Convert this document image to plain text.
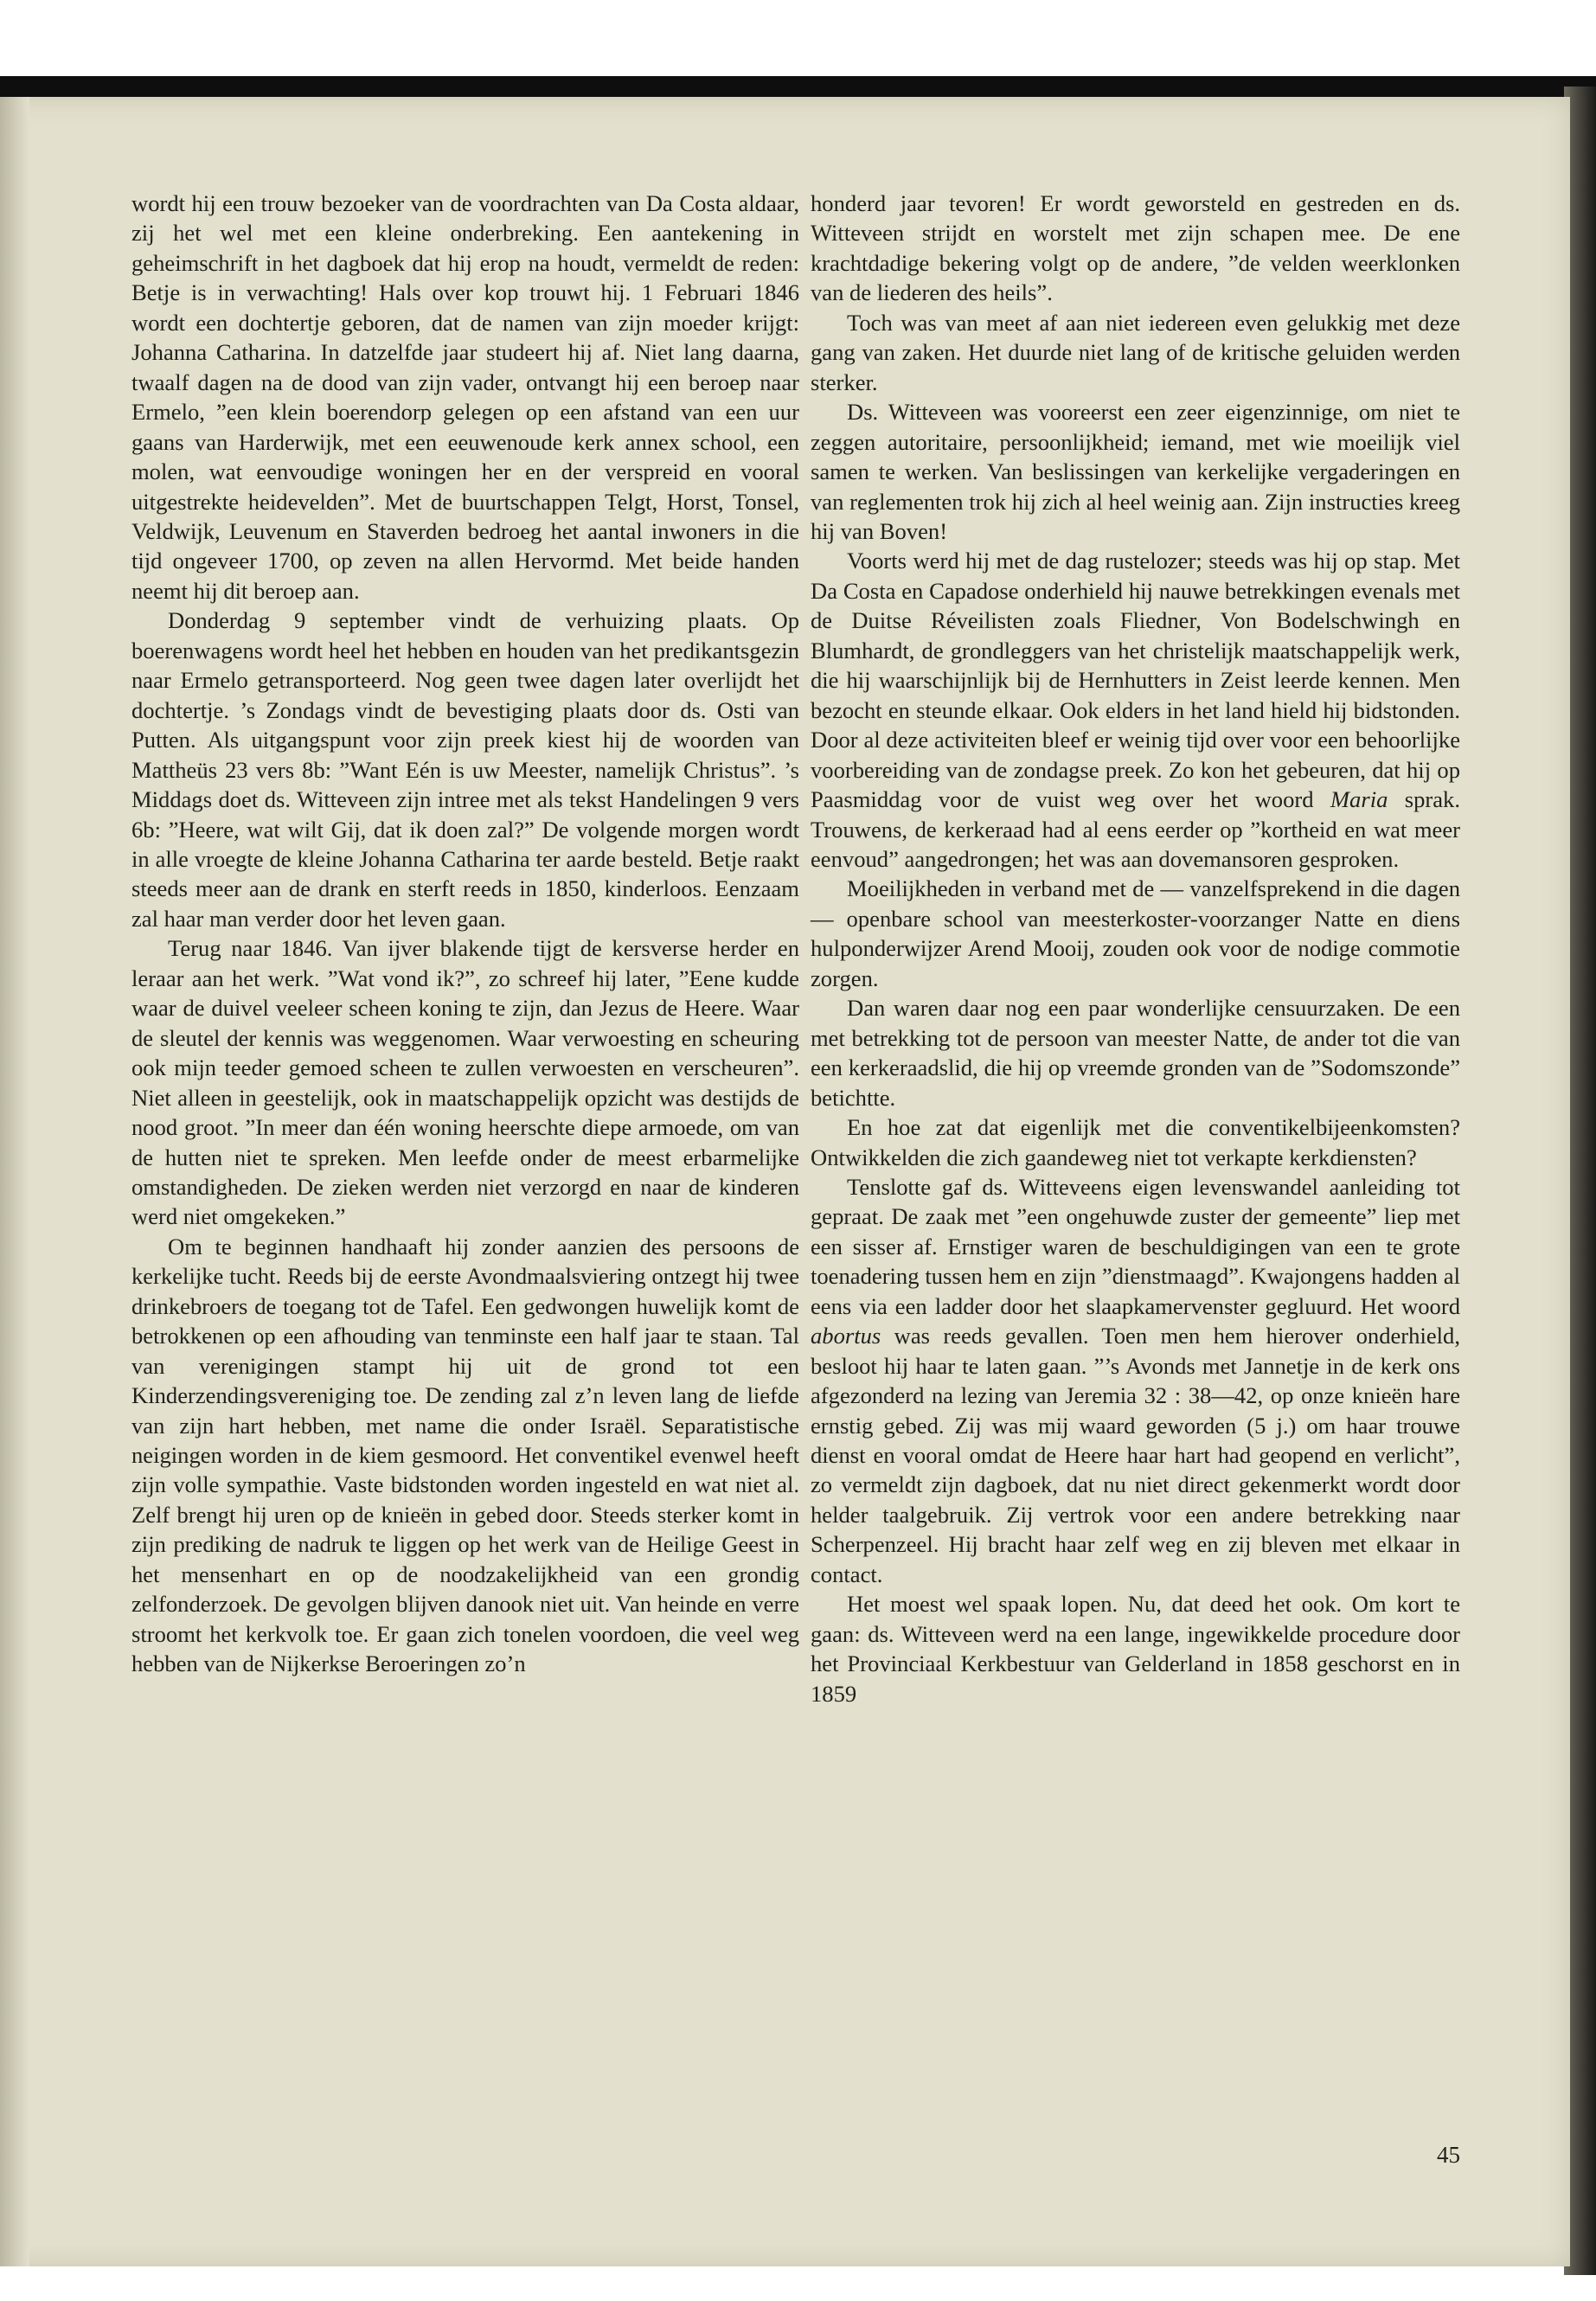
wordt hij een trouw bezoeker van de voordrachten van Da Costa aldaar, zij het wel met een kleine onderbreking. Een aantekening in geheimschrift in het dagboek dat hij erop na houdt, vermeldt de reden: Betje is in verwachting! Hals over kop trouwt hij. 1 Februari 1846 wordt een dochtertje geboren, dat de namen van zijn moeder krijgt: Johanna Catharina. In datzelfde jaar studeert hij af. Niet lang daarna, twaalf dagen na de dood van zijn vader, ontvangt hij een beroep naar Ermelo, ”een klein boerendorp gelegen op een afstand van een uur gaans van Harderwijk, met een eeuwenoude kerk annex school, een molen, wat eenvoudige woningen her en der verspreid en vooral uitgestrekte heidevelden”. Met de buurtschappen Telgt, Horst, Tonsel, Veldwijk, Leuvenum en Staverden bedroeg het aantal inwoners in die tijd ongeveer 1700, op zeven na allen Hervormd. Met beide handen neemt hij dit beroep aan.

Donderdag 9 september vindt de verhuizing plaats. Op boerenwagens wordt heel het hebben en houden van het predikantsgezin naar Ermelo getransporteerd. Nog geen twee dagen later overlijdt het dochtertje. ’s Zondags vindt de bevestiging plaats door ds. Osti van Putten. Als uitgangspunt voor zijn preek kiest hij de woorden van Mattheüs 23 vers 8b: ”Want Eén is uw Meester, namelijk Christus”. ’s Middags doet ds. Witteveen zijn intree met als tekst Handelingen 9 vers 6b: ”Heere, wat wilt Gij, dat ik doen zal?” De volgende morgen wordt in alle vroegte de kleine Johanna Catharina ter aarde besteld. Betje raakt steeds meer aan de drank en sterft reeds in 1850, kinderloos. Eenzaam zal haar man verder door het leven gaan.

Terug naar 1846. Van ijver blakende tijgt de kersverse herder en leraar aan het werk. ”Wat vond ik?”, zo schreef hij later, ”Eene kudde waar de duivel veeleer scheen koning te zijn, dan Jezus de Heere. Waar de sleutel der kennis was weggenomen. Waar verwoesting en scheuring ook mijn teeder gemoed scheen te zullen verwoesten en verscheuren”. Niet alleen in geestelijk, ook in maatschappelijk opzicht was destijds de nood groot. ”In meer dan één woning heerschte diepe armoede, om van de hutten niet te spreken. Men leefde onder de meest erbarmelijke omstandigheden. De zieken werden niet verzorgd en naar de kinderen werd niet omgekeken.”

Om te beginnen handhaaft hij zonder aanzien des persoons de kerkelijke tucht. Reeds bij de eerste Avondmaalsviering ontzegt hij twee drinkebroers de toegang tot de Tafel. Een gedwongen huwelijk komt de betrokkenen op een afhouding van tenminste een half jaar te staan. Tal van verenigingen stampt hij uit de grond tot een Kinderzendingsvereniging toe. De zending zal z’n leven lang de liefde van zijn hart hebben, met name die onder Israël. Separatistische neigingen worden in de kiem gesmoord. Het conventikel evenwel heeft zijn volle sympathie. Vaste bidstonden worden ingesteld en wat niet al. Zelf brengt hij uren op de knieën in gebed door. Steeds sterker komt in zijn prediking de nadruk te liggen op het werk van de Heilige Geest in het mensenhart en op de noodzakelijkheid van een grondig zelfonderzoek. De gevolgen blijven danook niet uit. Van heinde en verre stroomt het kerkvolk toe. Er gaan zich tonelen voordoen, die veel weg hebben van de Nijkerkse Beroeringen zo’n

honderd jaar tevoren! Er wordt geworsteld en gestreden en ds. Witteveen strijdt en worstelt met zijn schapen mee. De ene krachtdadige bekering volgt op de andere, ”de velden weerklonken van de liederen des heils”.

Toch was van meet af aan niet iedereen even gelukkig met deze gang van zaken. Het duurde niet lang of de kritische geluiden werden sterker.

Ds. Witteveen was vooreerst een zeer eigenzinnige, om niet te zeggen autoritaire, persoonlijkheid; iemand, met wie moeilijk viel samen te werken. Van beslissingen van kerkelijke vergaderingen en van reglementen trok hij zich al heel weinig aan. Zijn instructies kreeg hij van Boven!

Voorts werd hij met de dag rustelozer; steeds was hij op stap. Met Da Costa en Capadose onderhield hij nauwe betrekkingen evenals met de Duitse Réveilisten zoals Fliedner, Von Bodelschwingh en Blumhardt, de grondleggers van het christelijk maatschappelijk werk, die hij waarschijnlijk bij de Hernhutters in Zeist leerde kennen. Men bezocht en steunde elkaar. Ook elders in het land hield hij bidstonden. Door al deze activiteiten bleef er weinig tijd over voor een behoorlijke voorbereiding van de zondagse preek. Zo kon het gebeuren, dat hij op Paasmiddag voor de vuist weg over het woord Maria sprak. Trouwens, de kerkeraad had al eens eerder op ”kortheid en wat meer eenvoud” aangedrongen; het was aan dovemansoren gesproken.

Moeilijkheden in verband met de — vanzelfsprekend in die dagen — openbare school van meesterkoster-voorzanger Natte en diens hulponderwijzer Arend Mooij, zouden ook voor de nodige commotie zorgen.

Dan waren daar nog een paar wonderlijke censuurzaken. De een met betrekking tot de persoon van meester Natte, de ander tot die van een kerkeraadslid, die hij op vreemde gronden van de ”Sodomszonde” betichtte.

En hoe zat dat eigenlijk met die conventikelbijeenkomsten? Ontwikkelden die zich gaandeweg niet tot verkapte kerkdiensten?

Tenslotte gaf ds. Witteveens eigen levenswandel aanleiding tot gepraat. De zaak met ”een ongehuwde zuster der gemeente” liep met een sisser af. Ernstiger waren de beschuldigingen van een te grote toenadering tussen hem en zijn ”dienstmaagd”. Kwajongens hadden al eens via een ladder door het slaapkamervenster gegluurd. Het woord abortus was reeds gevallen. Toen men hem hierover onderhield, besloot hij haar te laten gaan. ”’s Avonds met Jannetje in de kerk ons afgezonderd na lezing van Jeremia 32 : 38—42, op onze knieën hare ernstig gebed. Zij was mij waard geworden (5 j.) om haar trouwe dienst en vooral omdat de Heere haar hart had geopend en verlicht”, zo vermeldt zijn dagboek, dat nu niet direct gekenmerkt wordt door helder taalgebruik. Zij vertrok voor een andere betrekking naar Scherpenzeel. Hij bracht haar zelf weg en zij bleven met elkaar in contact.

Het moest wel spaak lopen. Nu, dat deed het ook. Om kort te gaan: ds. Witteveen werd na een lange, ingewikkelde procedure door het Provinciaal Kerkbestuur van Gelderland in 1858 geschorst en in 1859

45
